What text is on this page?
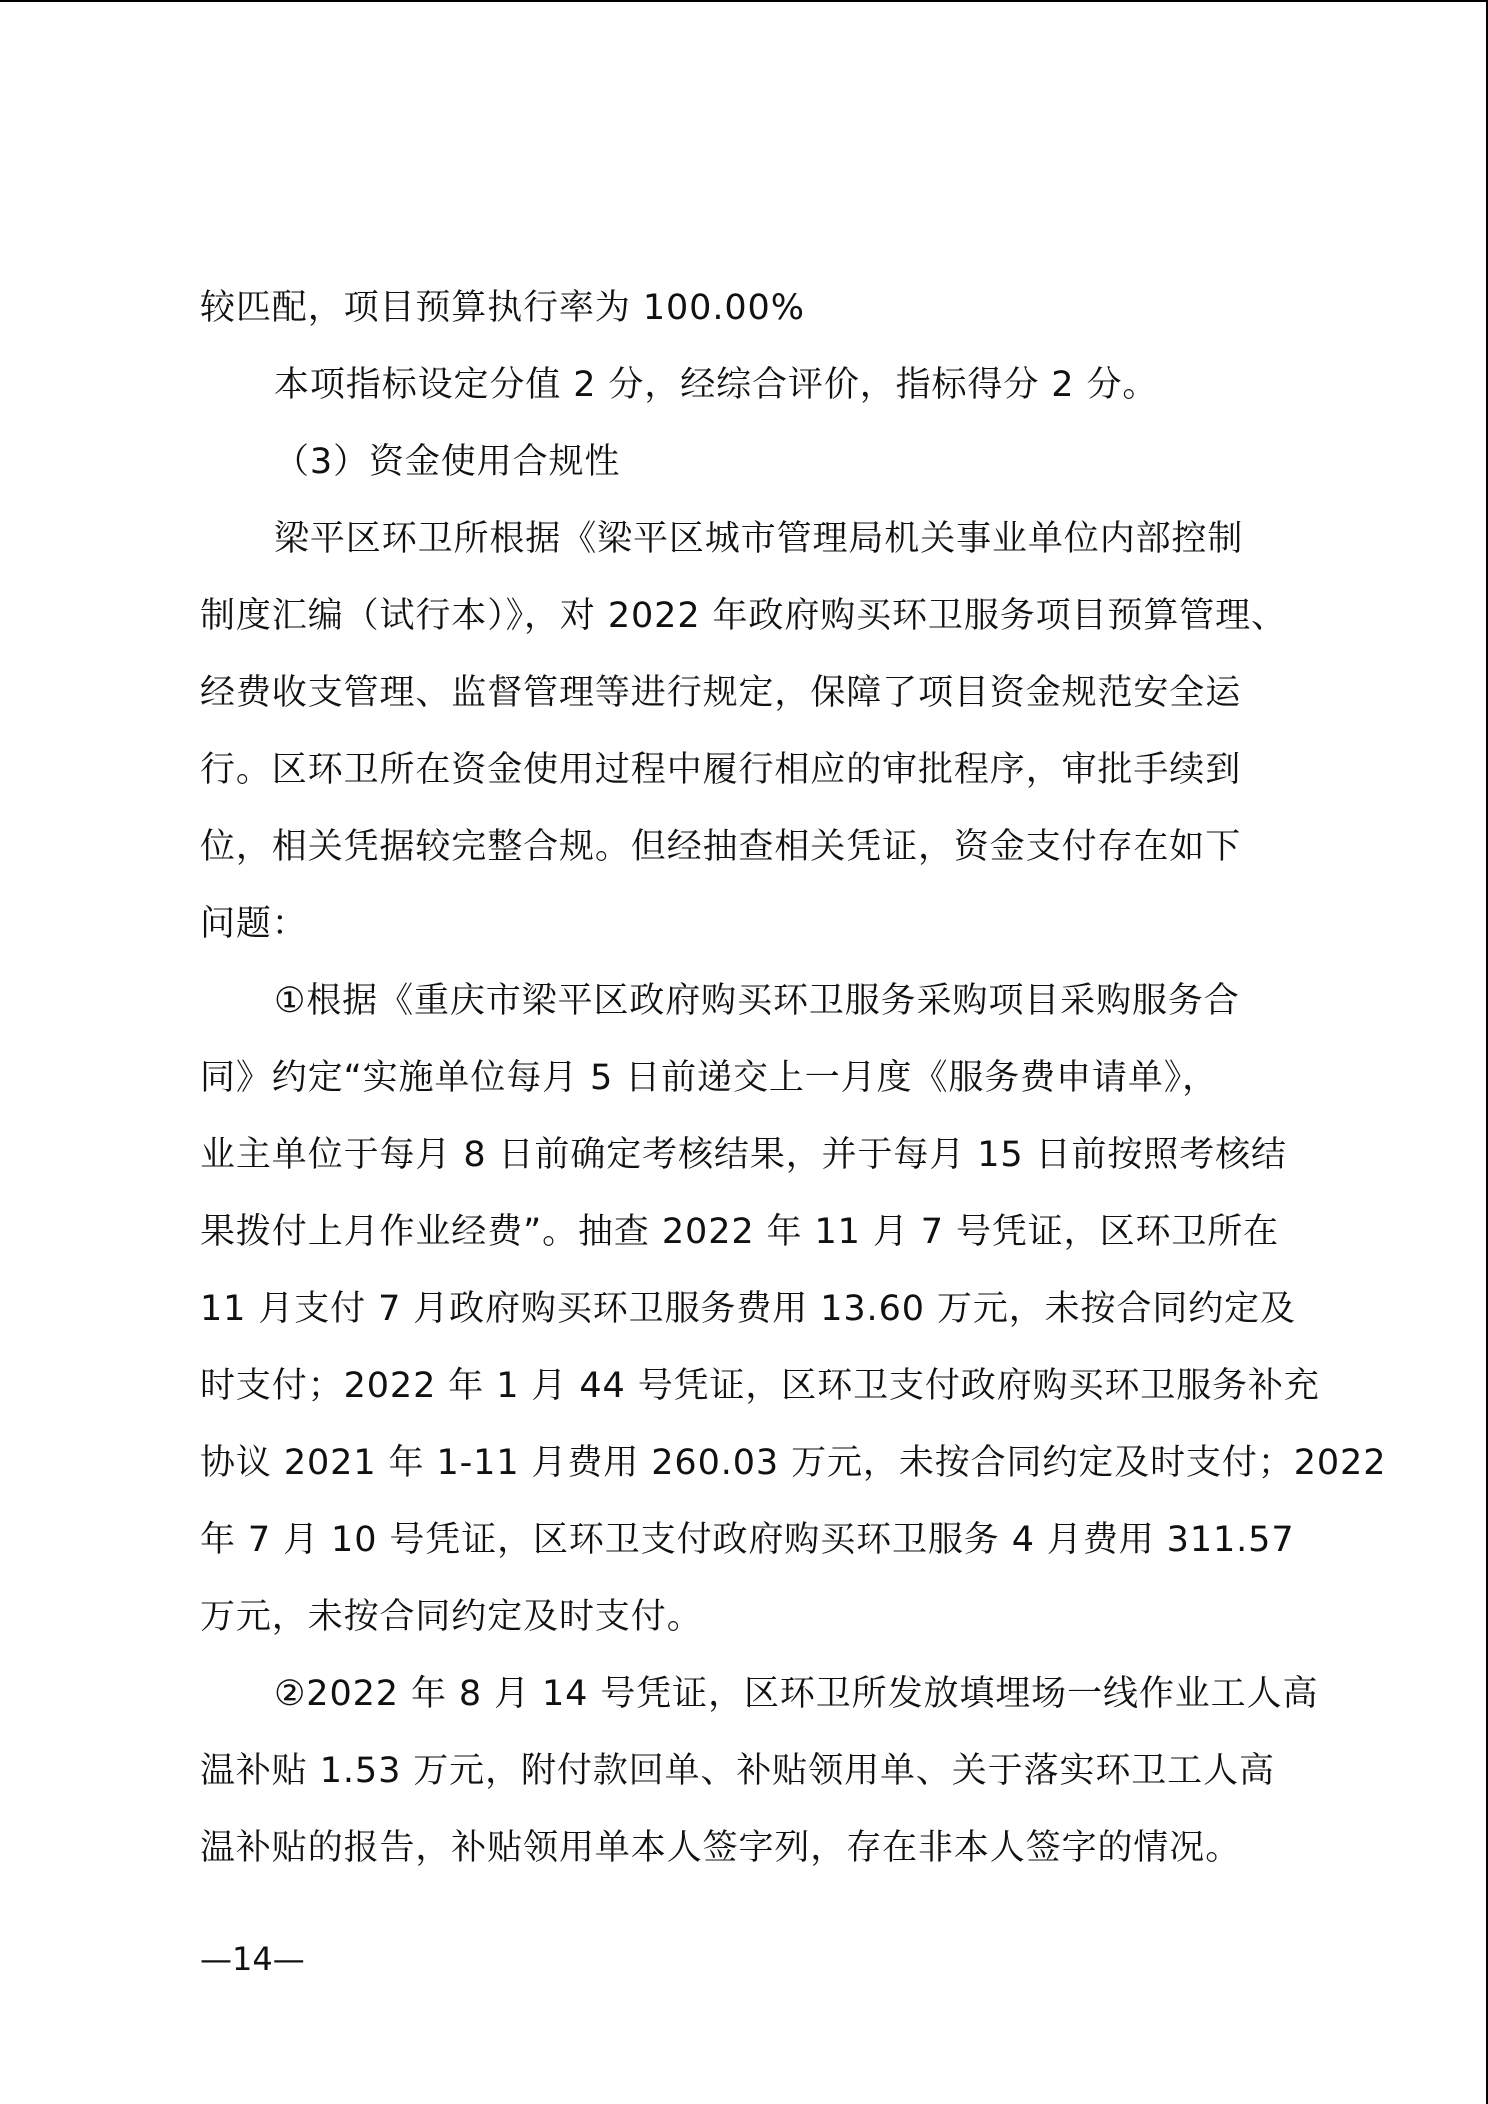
较匹配，项目预算执行率为 100.00%
本项指标设定分值 2 分，经综合评价，指标得分 2 分。
（3）资金使用合规性
梁平区环卫所根据《梁平区城市管理局机关事业单位内部控制
制度汇编（试行本）》，对 2022 年政府购买环卫服务项目预算管理、
经费收支管理、监督管理等进行规定，保障了项目资金规范安全运
行。区环卫所在资金使用过程中履行相应的审批程序，审批手续到
位，相关凭据较完整合规。但经抽查相关凭证，资金支付存在如下
问题：
①根据《重庆市梁平区政府购买环卫服务采购项目采购服务合
同》约定“实施单位每月 5 日前递交上一月度《服务费申请单》，
业主单位于每月 8 日前确定考核结果，并于每月 15 日前按照考核结
果拨付上月作业经费”。抽查 2022 年 11 月 7 号凭证，区环卫所在
11 月支付 7 月政府购买环卫服务费用 13.60 万元，未按合同约定及
时支付；2022 年 1 月 44 号凭证，区环卫支付政府购买环卫服务补充
协议 2021 年 1-11 月费用 260.03 万元，未按合同约定及时支付；2022
年 7 月 10 号凭证，区环卫支付政府购买环卫服务 4 月费用 311.57
万元，未按合同约定及时支付。
②2022 年 8 月 14 号凭证，区环卫所发放填埋场一线作业工人高
温补贴 1.53 万元，附付款回单、补贴领用单、关于落实环卫工人高
温补贴的报告，补贴领用单本人签字列，存在非本人签字的情况。
—14—
